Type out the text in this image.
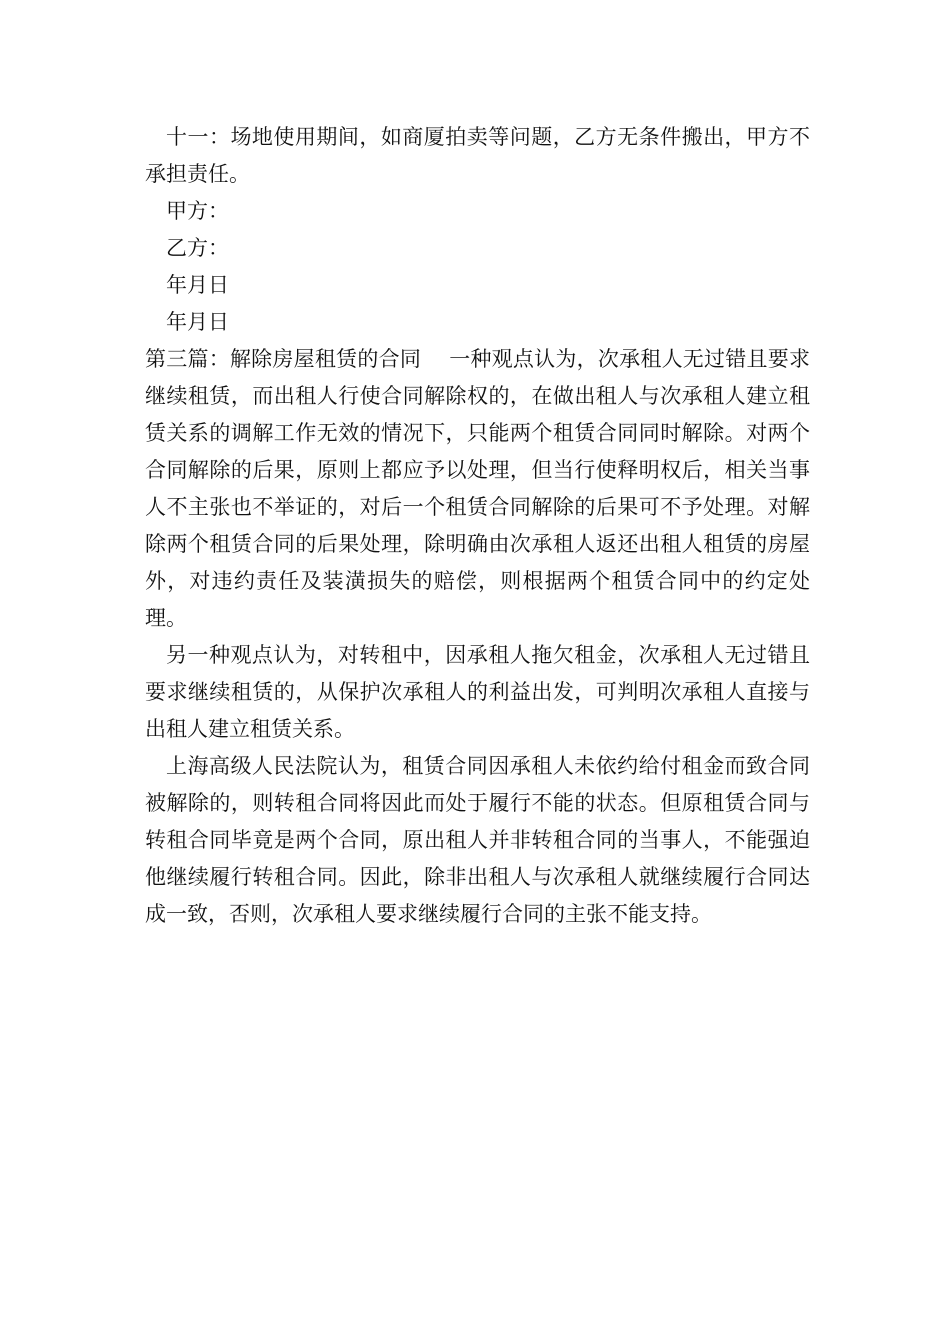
十一：场地使用期间，如商厦拍卖等问题，乙方无条件搬出，甲方不承担责任。

甲方：

乙方：

年月日

年月日

第三篇：解除房屋租赁的合同 　一种观点认为，次承租人无过错且要求继续租赁，而出租人行使合同解除权的，在做出租人与次承租人建立租赁关系的调解工作无效的情况下，只能两个租赁合同同时解除。对两个合同解除的后果，原则上都应予以处理，但当行使释明权后，相关当事人不主张也不举证的，对后一个租赁合同解除的后果可不予处理。对解除两个租赁合同的后果处理，除明确由次承租人返还出租人租赁的房屋外，对违约责任及装潢损失的赔偿，则根据两个租赁合同中的约定处理。

另一种观点认为，对转租中，因承租人拖欠租金，次承租人无过错且要求继续租赁的，从保护次承租人的利益出发，可判明次承租人直接与出租人建立租赁关系。

上海高级人民法院认为，租赁合同因承租人未依约给付租金而致合同被解除的，则转租合同将因此而处于履行不能的状态。但原租赁合同与转租合同毕竟是两个合同，原出租人并非转租合同的当事人，不能强迫他继续履行转租合同。因此，除非出租人与次承租人就继续履行合同达成一致，否则，次承租人要求继续履行合同的主张不能支持。
